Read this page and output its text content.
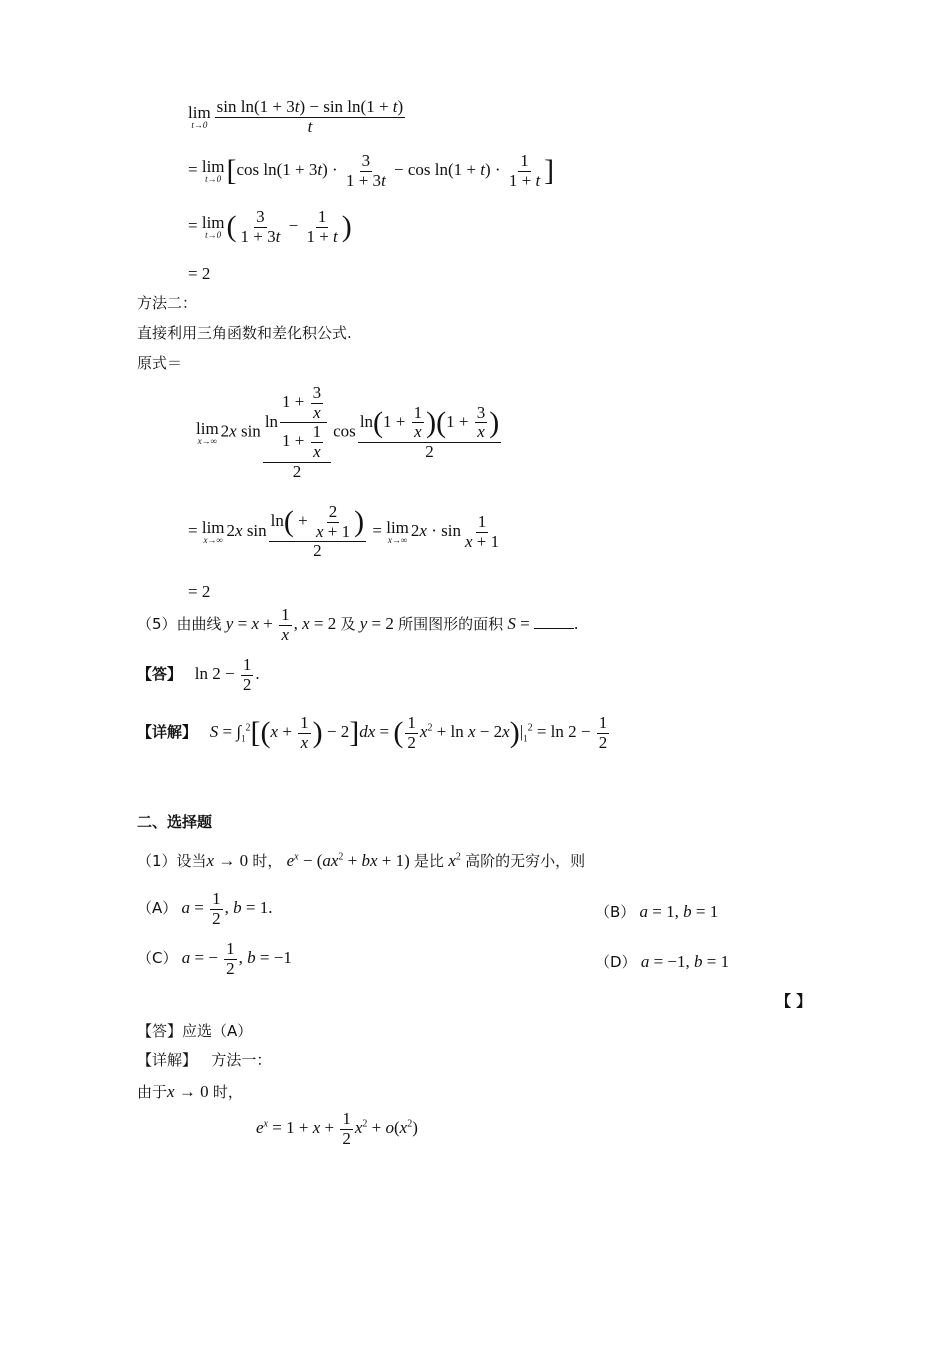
lim
$t\to 0 \frac{\text{sin ln(1 + 3t) − sin ln(1 + t)}}{t}$
= lim
t→0 [cos $\ln(1 + 3t) \cdot \frac{3}{1 + 3t} - \cos \ln(1 + t) \cdot \frac{1}{1 + t}$ ]
= lim
t→0 ( $\frac{3}{1 + 3t} - \frac{1}{1 + t}$ )
= 2
方法二：
直接利用三角函数和差化积公式.
原式＝
lim
x→∞
2x $\sin \frac{\ln \frac{1 + \frac{3}{x}}{1 + \frac{1}{x}}}{2}$ $\cos \frac{\ln(1 + \frac{1}{x} )(1 + \frac{3}{x} )}{2}$
= lim
x→∞
2x $\sin \frac{\ln( + \frac{2}{x + 1} )}{2} = \lim$
x→∞
$2x \cdot \sin \frac{1}{x + 1}$
= 2
（5）由曲线 $y = x + \frac{1}{x}$ , x = 2 及 y = 2 所围图形的面积 S = .
【答】   $\ln 2 - \frac{1}{2}$ .
【详解】 $S = \int_1^2[(x + \frac{1}{x}$ ) − 2]dx = ( $\frac{1}{2} x^2 + \ln x - 2x)|_1^2 = \ln 2 - \frac{1}{2}$
二、选择题
（1）设当x → 0 时， $e^x - (ax^2$ + bx + 1) 是比 $x^2$ 高阶的无穷小，则
（A） $a = \frac{1}{2}$ , b = 1.	（B） a = 1, b = 1
（C） a = − $\frac{1}{2}$ , b = −1	（D） a = −1, b = 1
【 】
【答】应选（A）
【详解】 方法一：
由于x → 0 时，
$e^x = 1 + x + \frac{1}{2} x^2 + o(x^2)$
